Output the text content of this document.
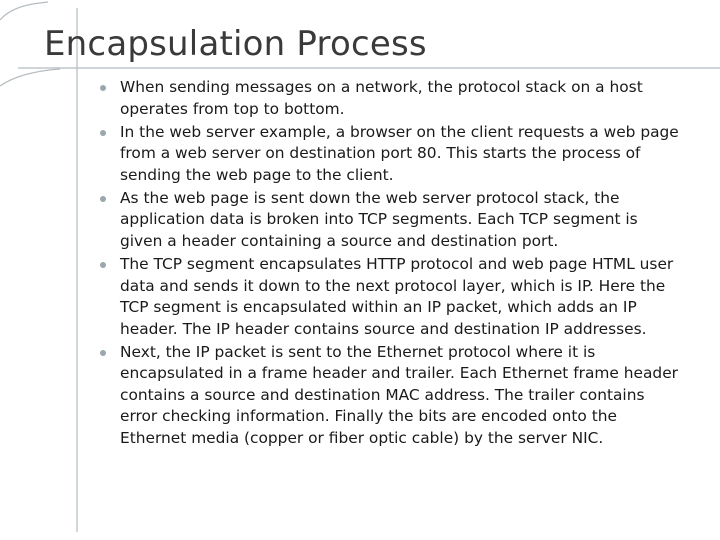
Encapsulation Process
When sending messages on a network, the protocol stack on a host operates from top to bottom.
In the web server example, a browser on the client requests a web page from a web server on destination port 80. This starts the process of sending the web page to the client.
As the web page is sent down the web server protocol stack, the application data is broken into TCP segments. Each TCP segment is given a header containing a source and destination port.
The TCP segment encapsulates HTTP protocol and web page HTML user data and sends it down to the next protocol layer, which is IP. Here the TCP segment is encapsulated within an IP packet, which adds an IP header. The IP header contains source and destination IP addresses.
Next, the IP packet is sent to the Ethernet protocol where it is encapsulated in a frame header and trailer. Each Ethernet frame header contains a source and destination MAC address. The trailer contains error checking information. Finally the bits are encoded onto the Ethernet media (copper or fiber optic cable) by the server NIC.
